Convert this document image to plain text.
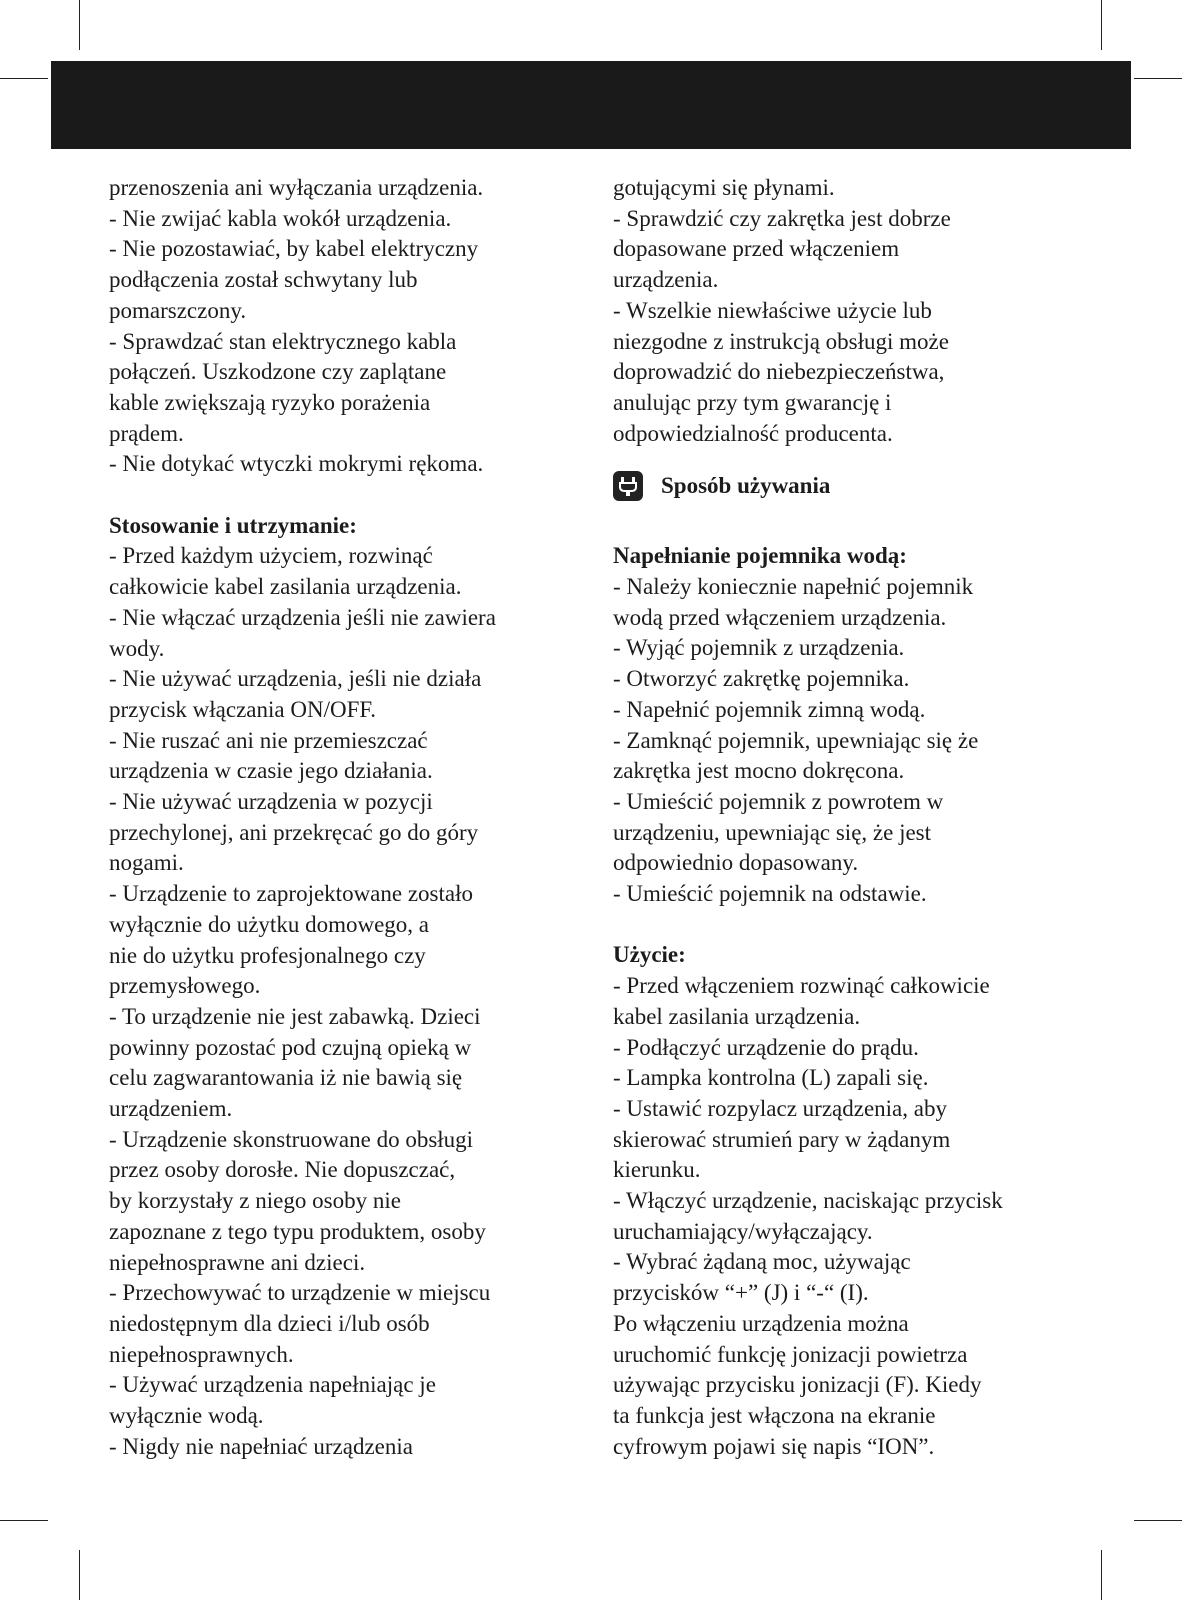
przenoszenia ani wyłączania urządzenia.
- Nie zwijać kabla wokół urządzenia.
- Nie pozostawiać, by kabel elektryczny
podłączenia został schwytany lub
pomarszczony.
- Sprawdzać stan elektrycznego kabla
połączeń. Uszkodzone czy zaplątane
kable zwiększają ryzyko porażenia
prądem.
- Nie dotykać wtyczki mokrymi rękoma.
Stosowanie i utrzymanie:
- Przed każdym użyciem, rozwinąć
całkowicie kabel zasilania urządzenia.
- Nie włączać urządzenia jeśli nie zawiera
wody.
- Nie używać urządzenia, jeśli nie działa
przycisk włączania ON/OFF.
- Nie ruszać ani nie przemieszczać
urządzenia w czasie jego działania.
- Nie używać urządzenia w pozycji
przechylonej, ani przekręcać go do góry
nogami.
- Urządzenie to zaprojektowane zostało
wyłącznie do użytku domowego, a
nie do użytku profesjonalnego czy
przemysłowego.
- To urządzenie nie jest zabawką. Dzieci
powinny pozostać pod czujną opieką w
celu zagwarantowania iż nie bawią się
urządzeniem.
- Urządzenie skonstruowane do obsługi
przez osoby dorosłe. Nie dopuszczać,
by korzystały z niego osoby nie
zapoznane z tego typu produktem, osoby
niepełnosprawne ani dzieci.
- Przechowywać to urządzenie w miejscu
niedostępnym dla dzieci i/lub osób
niepełnosprawnych.
- Używać urządzenia napełniając je
wyłącznie wodą.
- Nigdy nie napełniać urządzenia
gotującymi się płynami.
- Sprawdzić czy zakrętka jest dobrze
dopasowane przed włączeniem
urządzenia.
- Wszelkie niewłaściwe użycie lub
niezgodne z instrukcją obsługi może
doprowadzić do niebezpieczeństwa,
anulując przy tym gwarancję i
odpowiedzialność producenta.
Sposób używania
Napełnianie pojemnika wodą:
- Należy koniecznie napełnić pojemnik
wodą przed włączeniem urządzenia.
- Wyjąć pojemnik z urządzenia.
- Otworzyć zakrętkę pojemnika.
- Napełnić pojemnik zimną wodą.
- Zamknąć pojemnik, upewniając się że
zakrętka jest mocno dokręcona.
- Umieścić pojemnik z powrotem w
urządzeniu, upewniając się, że jest
odpowiednio dopasowany.
- Umieścić pojemnik na odstawie.
Użycie:
- Przed włączeniem rozwinąć całkowicie
kabel zasilania urządzenia.
- Podłączyć urządzenie do prądu.
- Lampka kontrolna (L) zapali się.
- Ustawić rozpylacz urządzenia, aby
skierować strumień pary w żądanym
kierunku.
- Włączyć urządzenie, naciskając przycisk
uruchamiający/wyłączający.
- Wybrać żądaną moc, używając
przycisków “+” (J) i “-“ (I).
Po włączeniu urządzenia można
uruchomić funkcję jonizacji powietrza
używając przycisku jonizacji (F). Kiedy
ta funkcja jest włączona na ekranie
cyfrowym pojawi się napis “ION”.
